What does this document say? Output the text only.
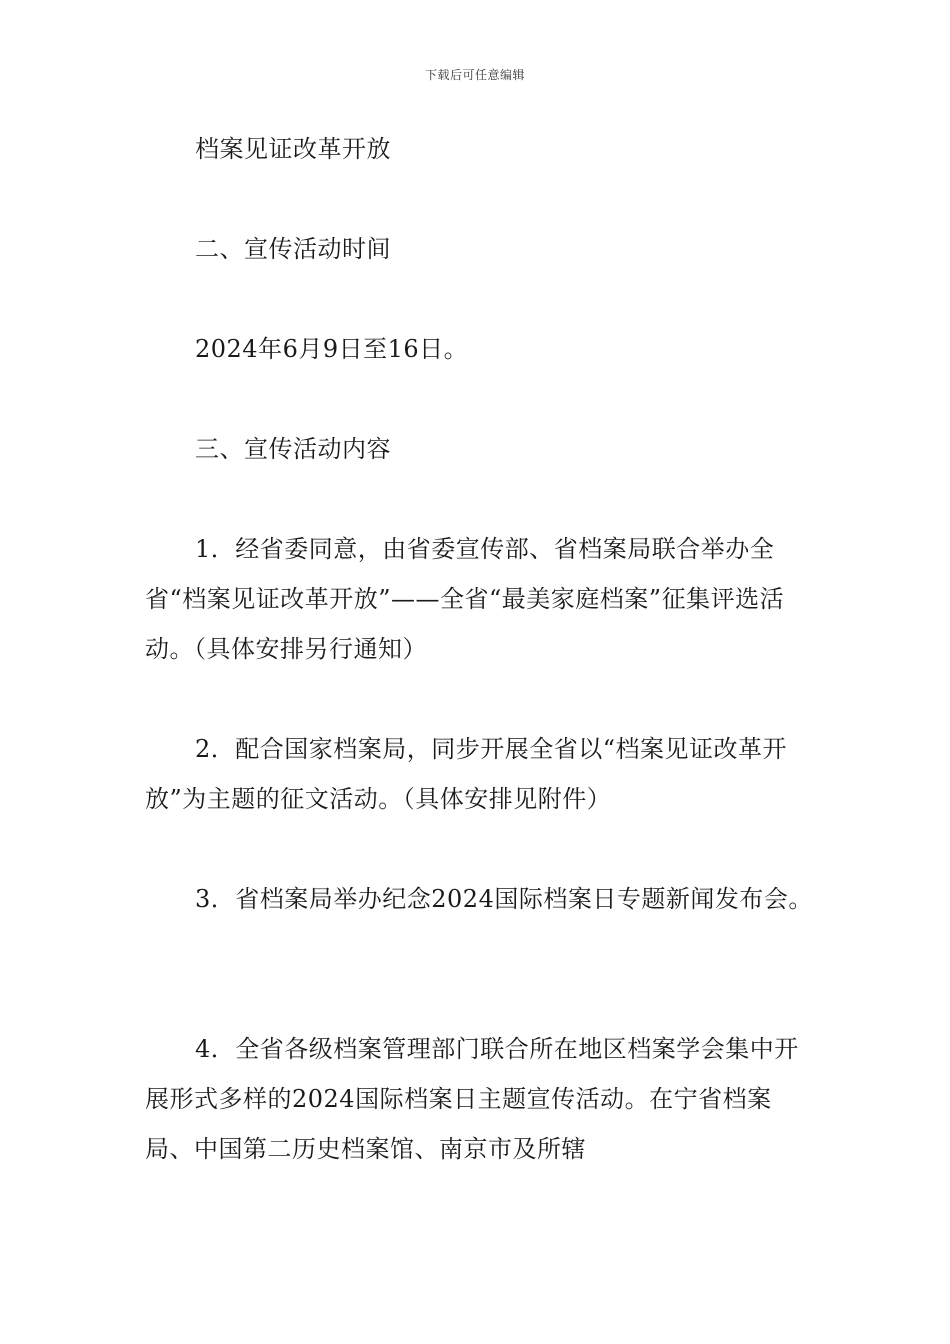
下载后可任意编辑

档案见证改革开放

二、宣传活动时间

2024年6月9日至16日。

三、宣传活动内容

1．经省委同意，由省委宣传部、省档案局联合举办全省“档案见证改革开放”——全省“最美家庭档案”征集评选活动。（具体安排另行通知）

2．配合国家档案局，同步开展全省以“档案见证改革开放”为主题的征文活动。（具体安排见附件）

3．省档案局举办纪念2024国际档案日专题新闻发布会。

4．全省各级档案管理部门联合所在地区档案学会集中开展形式多样的2024国际档案日主题宣传活动。在宁省档案局、中国第二历史档案馆、南京市及所辖
